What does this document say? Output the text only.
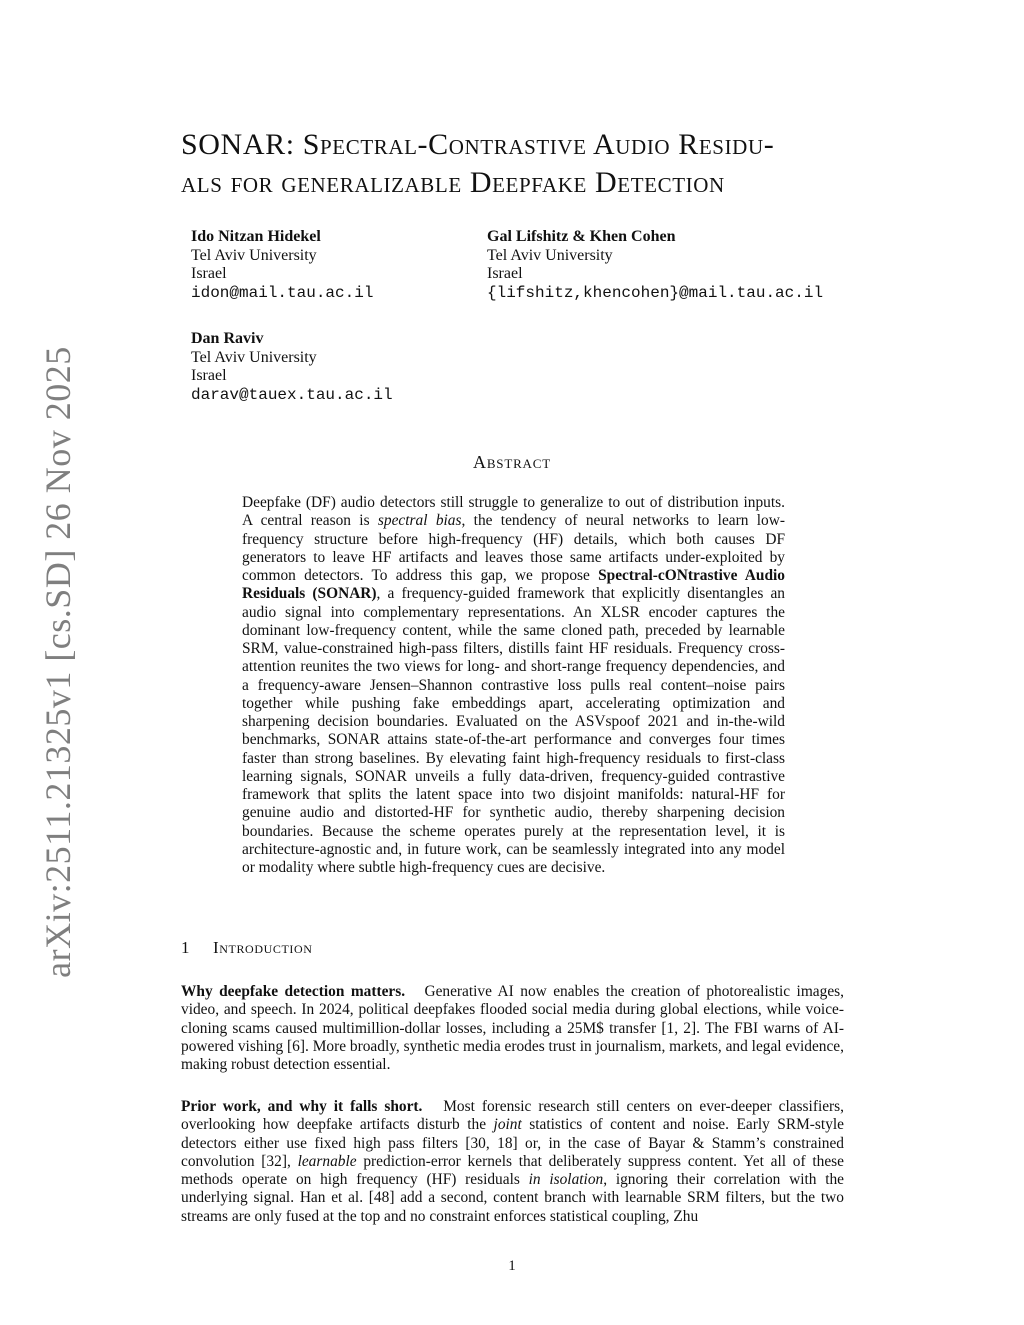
arXiv:2511.21325v1 [cs.SD] 26 Nov 2025
SONAR: Spectral-Contrastive Audio Residu-
als for generalizable Deepfake Detection
Ido Nitzan Hidekel
Tel Aviv University
Israel
idon@mail.tau.ac.il
Gal Lifshitz & Khen Cohen
Tel Aviv University
Israel
{lifshitz,khencohen}@mail.tau.ac.il
Dan Raviv
Tel Aviv University
Israel
darav@tauex.tau.ac.il
Abstract
Deepfake (DF) audio detectors still struggle to generalize to out of distribution inputs. A central reason is spectral bias, the tendency of neural networks to learn low-frequency structure before high-frequency (HF) details, which both causes DF generators to leave HF artifacts and leaves those same artifacts under-exploited by common detectors. To address this gap, we propose Spectral-cONtrastive Audio Residuals (SONAR), a frequency-guided framework that explicitly disentangles an audio signal into complementary representations. An XLSR encoder captures the dominant low-frequency content, while the same cloned path, preceded by learnable SRM, value-constrained high-pass filters, distills faint HF residuals. Frequency cross-attention reunites the two views for long- and short-range frequency dependencies, and a frequency-aware Jensen–Shannon contrastive loss pulls real content–noise pairs together while pushing fake embeddings apart, accelerating optimization and sharpening decision boundaries. Evaluated on the ASVspoof 2021 and in-the-wild benchmarks, SONAR attains state-of-the-art performance and converges four times faster than strong baselines. By elevating faint high-frequency residuals to first-class learning signals, SONAR unveils a fully data-driven, frequency-guided contrastive framework that splits the latent space into two disjoint manifolds: natural-HF for genuine audio and distorted-HF for synthetic audio, thereby sharpening decision boundaries. Because the scheme operates purely at the representation level, it is architecture-agnostic and, in future work, can be seamlessly integrated into any model or modality where subtle high-frequency cues are decisive.
1 Introduction
Why deepfake detection matters. Generative AI now enables the creation of photorealistic images, video, and speech. In 2024, political deepfakes flooded social media during global elections, while voice-cloning scams caused multimillion-dollar losses, including a 25M$ transfer [1, 2]. The FBI warns of AI-powered vishing [6]. More broadly, synthetic media erodes trust in journalism, markets, and legal evidence, making robust detection essential.
Prior work, and why it falls short. Most forensic research still centers on ever-deeper classifiers, overlooking how deepfake artifacts disturb the joint statistics of content and noise. Early SRM-style detectors either use fixed high pass filters [30, 18] or, in the case of Bayar & Stamm’s constrained convolution [32], learnable prediction-error kernels that deliberately suppress content. Yet all of these methods operate on high frequency (HF) residuals in isolation, ignoring their correlation with the underlying signal. Han et al. [48] add a second, content branch with learnable SRM filters, but the two streams are only fused at the top and no constraint enforces statistical coupling, Zhu
1
